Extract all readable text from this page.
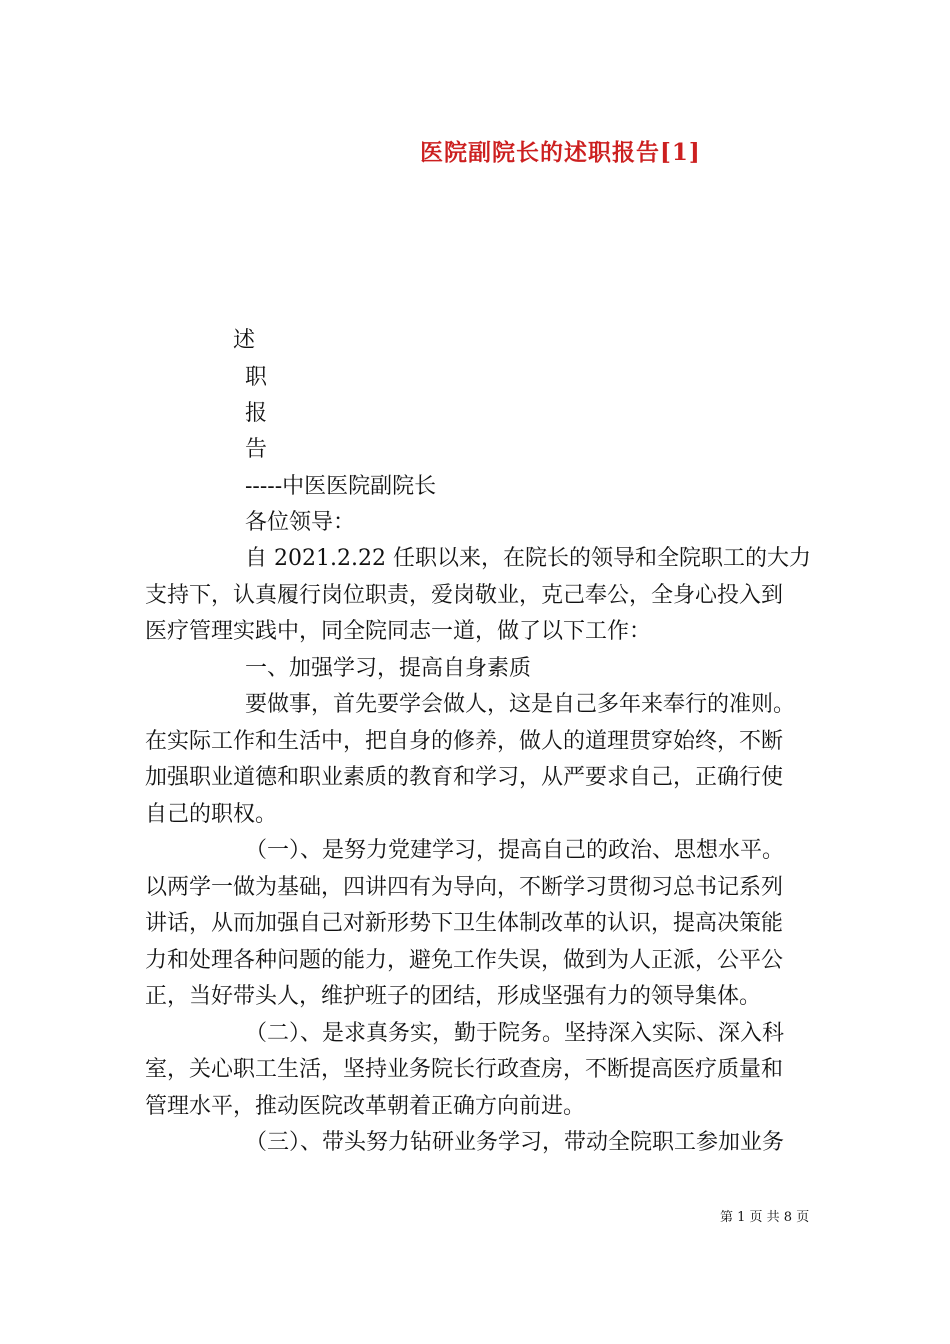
医院副院长的述职报告[1]
述
职
报
告
-----中医医院副院长
各位领导：
自 2021.2.22 任职以来，在院长的领导和全院职工的大力
支持下，认真履行岗位职责，爱岗敬业，克己奉公，全身心投入到
医疗管理实践中，同全院同志一道，做了以下工作：
一、加强学习，提高自身素质
要做事，首先要学会做人，这是自己多年来奉行的准则。
在实际工作和生活中，把自身的修养，做人的道理贯穿始终，不断
加强职业道德和职业素质的教育和学习，从严要求自己，正确行使
自己的职权。
（一）、是努力党建学习，提高自己的政治、思想水平。
以两学一做为基础，四讲四有为导向，不断学习贯彻习总书记系列
讲话，从而加强自己对新形势下卫生体制改革的认识，提高决策能
力和处理各种问题的能力，避免工作失误，做到为人正派，公平公
正，当好带头人，维护班子的团结，形成坚强有力的领导集体。
（二）、是求真务实，勤于院务。坚持深入实际、深入科
室，关心职工生活，坚持业务院长行政查房，不断提高医疗质量和
管理水平，推动医院改革朝着正确方向前进。
（三）、带头努力钻研业务学习，带动全院职工参加业务
第 1 页 共 8 页
